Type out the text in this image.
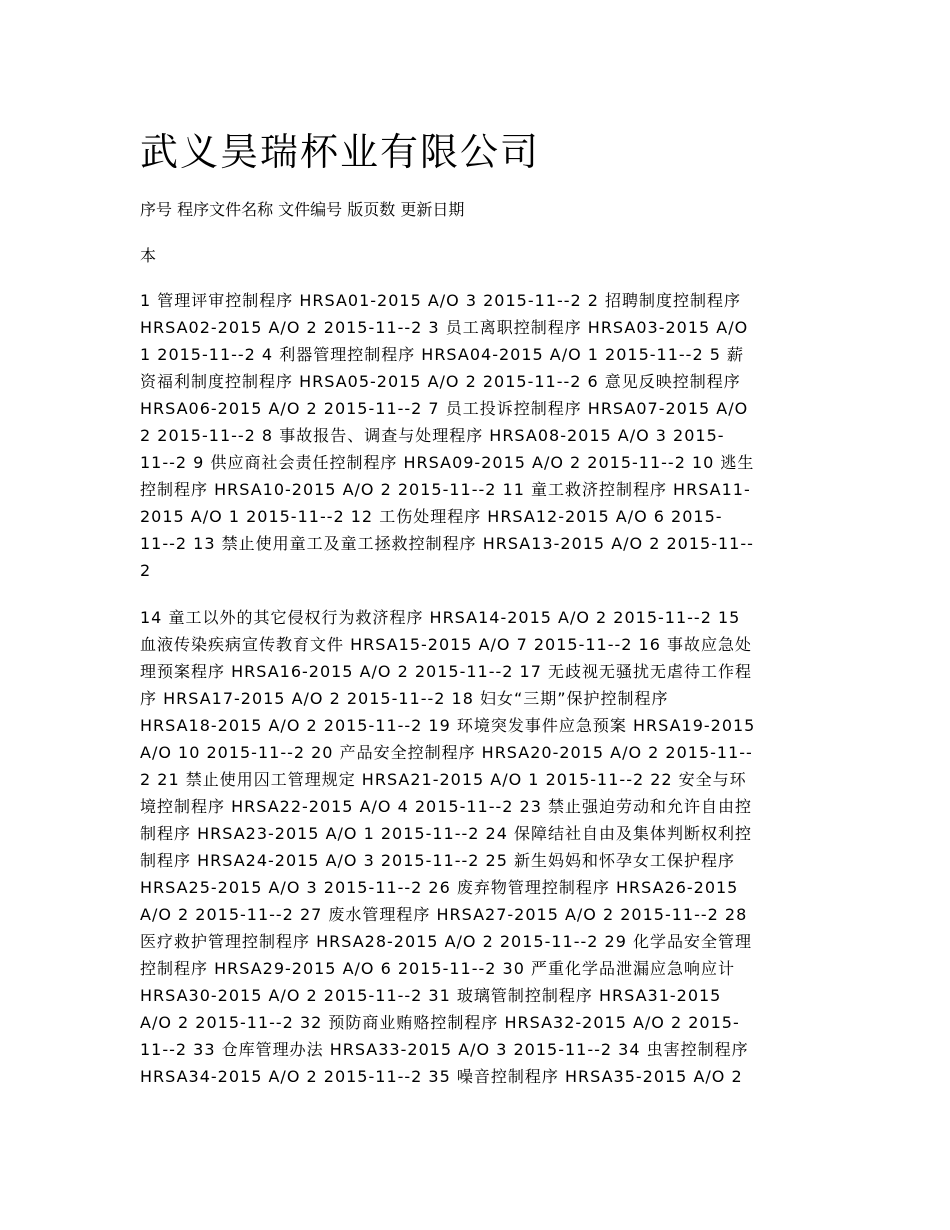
武义昊瑞杯业有限公司

序号 程序文件名称 文件编号 版页数 更新日期

本

1 管理评审控制程序 HRSA01-2015 A/O 3 2015-11--2 2 招聘制度控制程序
HRSA02-2015 A/O 2 2015-11--2 3 员工离职控制程序 HRSA03-2015 A/O
1 2015-11--2 4 利器管理控制程序 HRSA04-2015 A/O 1 2015-11--2 5 薪
资福利制度控制程序 HRSA05-2015 A/O 2 2015-11--2 6 意见反映控制程序
HRSA06-2015 A/O 2 2015-11--2 7 员工投诉控制程序 HRSA07-2015 A/O
2 2015-11--2 8 事故报告、调查与处理程序 HRSA08-2015 A/O 3 2015-
11--2 9 供应商社会责任控制程序 HRSA09-2015 A/O 2 2015-11--2 10 逃生
控制程序 HRSA10-2015 A/O 2 2015-11--2 11 童工救济控制程序 HRSA11-
2015 A/O 1 2015-11--2 12 工伤处理程序 HRSA12-2015 A/O 6 2015-
11--2 13 禁止使用童工及童工拯救控制程序 HRSA13-2015 A/O 2 2015-11--
2
14 童工以外的其它侵权行为救济程序 HRSA14-2015 A/O 2 2015-11--2 15
血液传染疾病宣传教育文件 HRSA15-2015 A/O 7 2015-11--2 16 事故应急处
理预案程序 HRSA16-2015 A/O 2 2015-11--2 17 无歧视无骚扰无虐待工作程
序 HRSA17-2015 A/O 2 2015-11--2 18 妇女“三期”保护控制程序
HRSA18-2015 A/O 2 2015-11--2 19 环境突发事件应急预案 HRSA19-2015
A/O 10 2015-11--2 20 产品安全控制程序 HRSA20-2015 A/O 2 2015-11--
2 21 禁止使用囚工管理规定 HRSA21-2015 A/O 1 2015-11--2 22 安全与环
境控制程序 HRSA22-2015 A/O 4 2015-11--2 23 禁止强迫劳动和允许自由控
制程序 HRSA23-2015 A/O 1 2015-11--2 24 保障结社自由及集体判断权利控
制程序 HRSA24-2015 A/O 3 2015-11--2 25 新生妈妈和怀孕女工保护程序
HRSA25-2015 A/O 3 2015-11--2 26 废弃物管理控制程序 HRSA26-2015
A/O 2 2015-11--2 27 废水管理程序 HRSA27-2015 A/O 2 2015-11--2 28
医疗救护管理控制程序 HRSA28-2015 A/O 2 2015-11--2 29 化学品安全管理
控制程序 HRSA29-2015 A/O 6 2015-11--2 30 严重化学品泄漏应急响应计
HRSA30-2015 A/O 2 2015-11--2 31 玻璃管制控制程序 HRSA31-2015
A/O 2 2015-11--2 32 预防商业贿赂控制程序 HRSA32-2015 A/O 2 2015-
11--2 33 仓库管理办法 HRSA33-2015 A/O 3 2015-11--2 34 虫害控制程序
HRSA34-2015 A/O 2 2015-11--2 35 噪音控制程序 HRSA35-2015 A/O 2
